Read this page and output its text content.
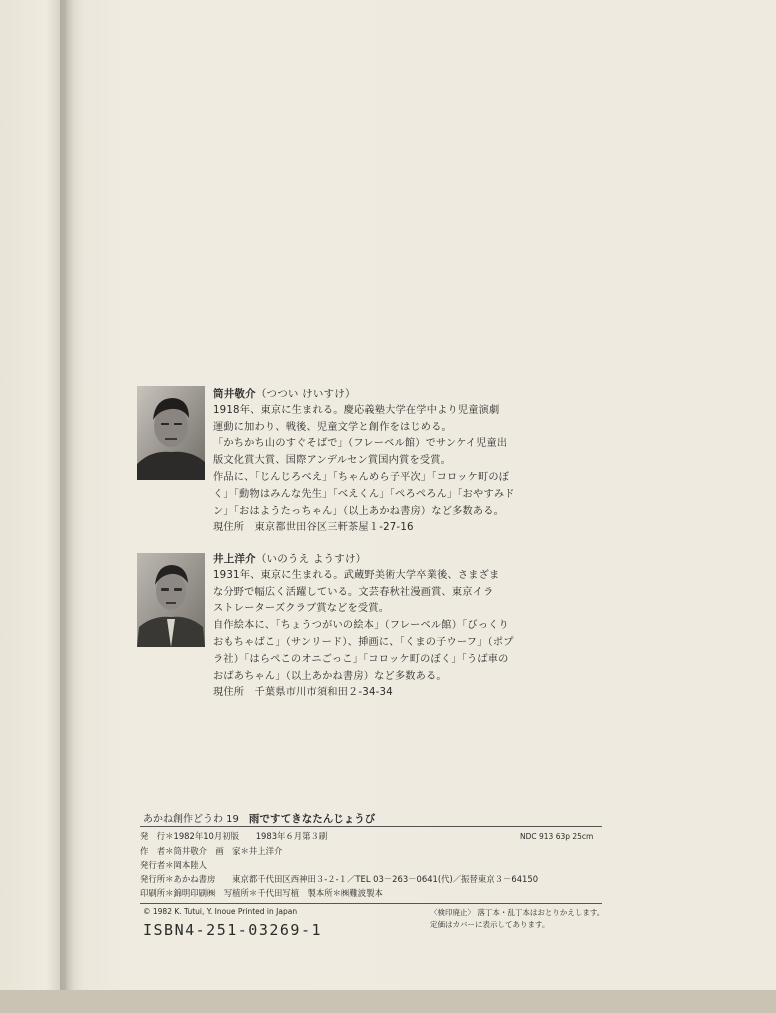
筒井敬介（つつい けいすけ）

1918年、東京に生まれる。慶応義塾大学在学中より児童演劇

運動に加わり、戦後、児童文学と創作をはじめる。

「かちかち山のすぐそばで」（フレーベル館）でサンケイ児童出

版文化賞大賞、国際アンデルセン賞国内賞を受賞。

作品に、「じんじろべえ」「ちゃんめら子平次」「コロッケ町のぼ

く」「動物はみんな先生」「べえくん」「ぺろぺろん」「おやすみド

ン」「おはようたっちゃん」（以上あかね書房）など多数ある。

現住所　東京都世田谷区三軒茶屋１-27-16

井上洋介（いのうえ ようすけ）

1931年、東京に生まれる。武蔵野美術大学卒業後、さまざま

な分野で幅広く活躍している。文芸春秋社漫画賞、東京イラ

ストレーターズクラブ賞などを受賞。

自作絵本に、「ちょうつがいの絵本」（フレーベル館）「びっくり

おもちゃばこ」（サンリード）、挿画に、「くまの子ウーフ」（ポプ

ラ社）「はらぺこのオニごっこ」「コロッケ町のぼく」「うば車の

おばあちゃん」（以上あかね書房）など多数ある。

現住所　千葉県市川市須和田２-34-34

あかね創作どうわ 19 雨ですてきなたんじょうび
発　行＊1982年10月初版　　1983年６月第３刷	NDC 913 63p 25cm
作　者＊筒井敬介　画　家＊井上洋介
発行者＊岡本陸人
発行所＊あかね書房　　東京都千代田区西神田３-２-１／TEL 03－263－0641(代)／振替東京３－64150
印刷所＊錦明印刷㈱　写植所＊千代田写植　製本所＊㈱難波製本
© 1982 K. Tutui, Y. Inoue Printed in Japan	〈検印廃止〉 落丁本・乱丁本はおとりかえします。
定価はカバーに表示してあります。
ISBN4-251-03269-1
